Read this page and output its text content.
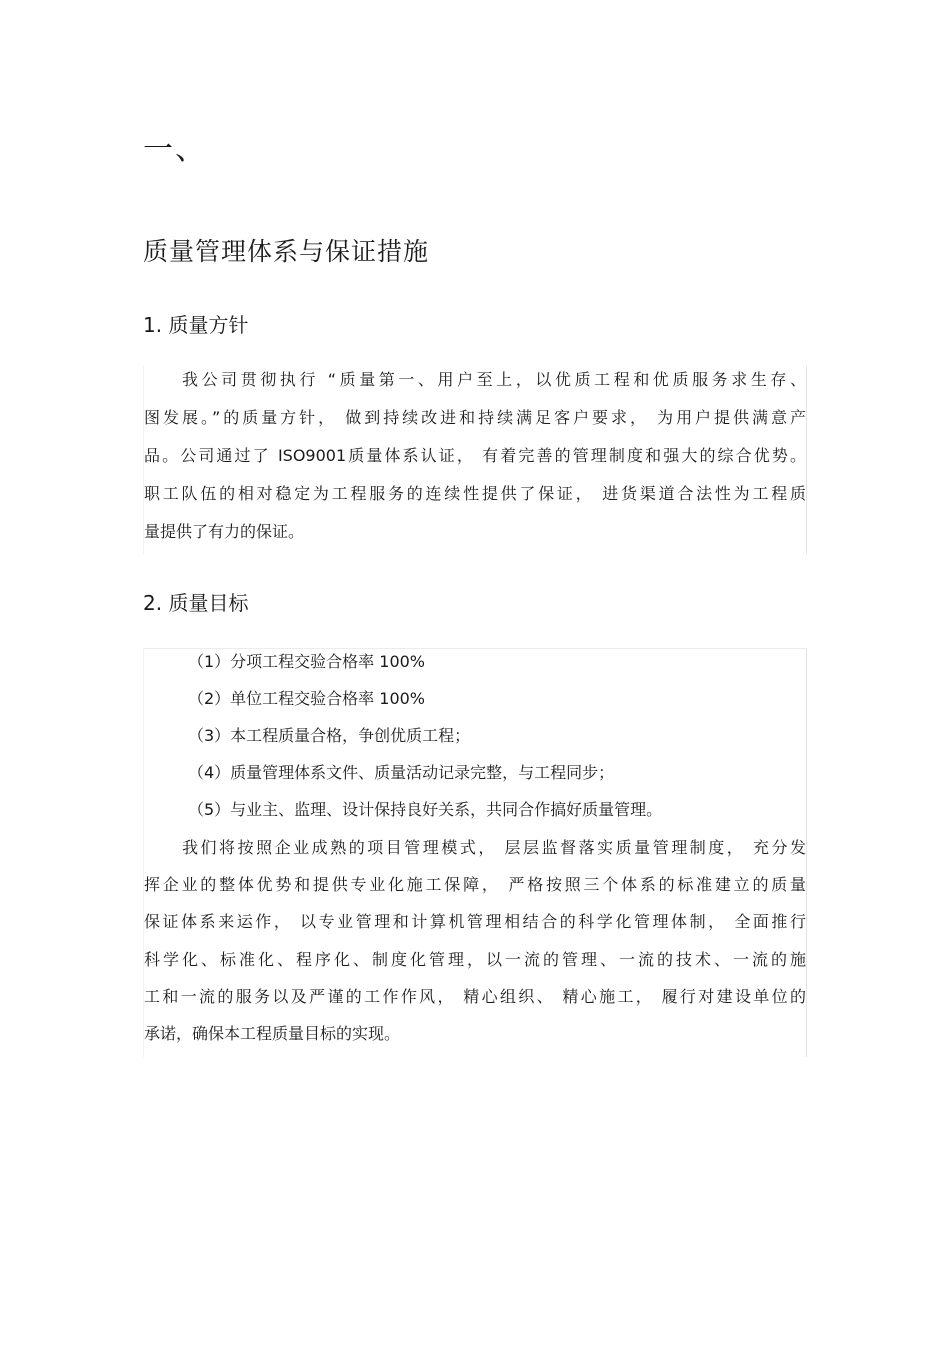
一、
质量管理体系与保证措施
1. 质量方针
我公司贯彻执行 “质量第一、用户至上，以优质工程和优质服务求生存、
图发展。”的质量方针， 做到持续改进和持续满足客户要求， 为用户提供满意产
品。公司通过了 ISO9001质量体系认证， 有着完善的管理制度和强大的综合优势。
职工队伍的相对稳定为工程服务的连续性提供了保证， 进货渠道合法性为工程质
量提供了有力的保证。
2. 质量目标
（1）分项工程交验合格率 100%
（2）单位工程交验合格率 100%
（3）本工程质量合格，争创优质工程；
（4）质量管理体系文件、质量活动记录完整，与工程同步；
（5）与业主、监理、设计保持良好关系，共同合作搞好质量管理。
我们将按照企业成熟的项目管理模式， 层层监督落实质量管理制度， 充分发
挥企业的整体优势和提供专业化施工保障， 严格按照三个体系的标准建立的质量
保证体系来运作， 以专业管理和计算机管理相结合的科学化管理体制， 全面推行
科学化、标准化、程序化、制度化管理，以一流的管理、一流的技术、一流的施
工和一流的服务以及严谨的工作作风， 精心组织、 精心施工， 履行对建设单位的
承诺，确保本工程质量目标的实现。
